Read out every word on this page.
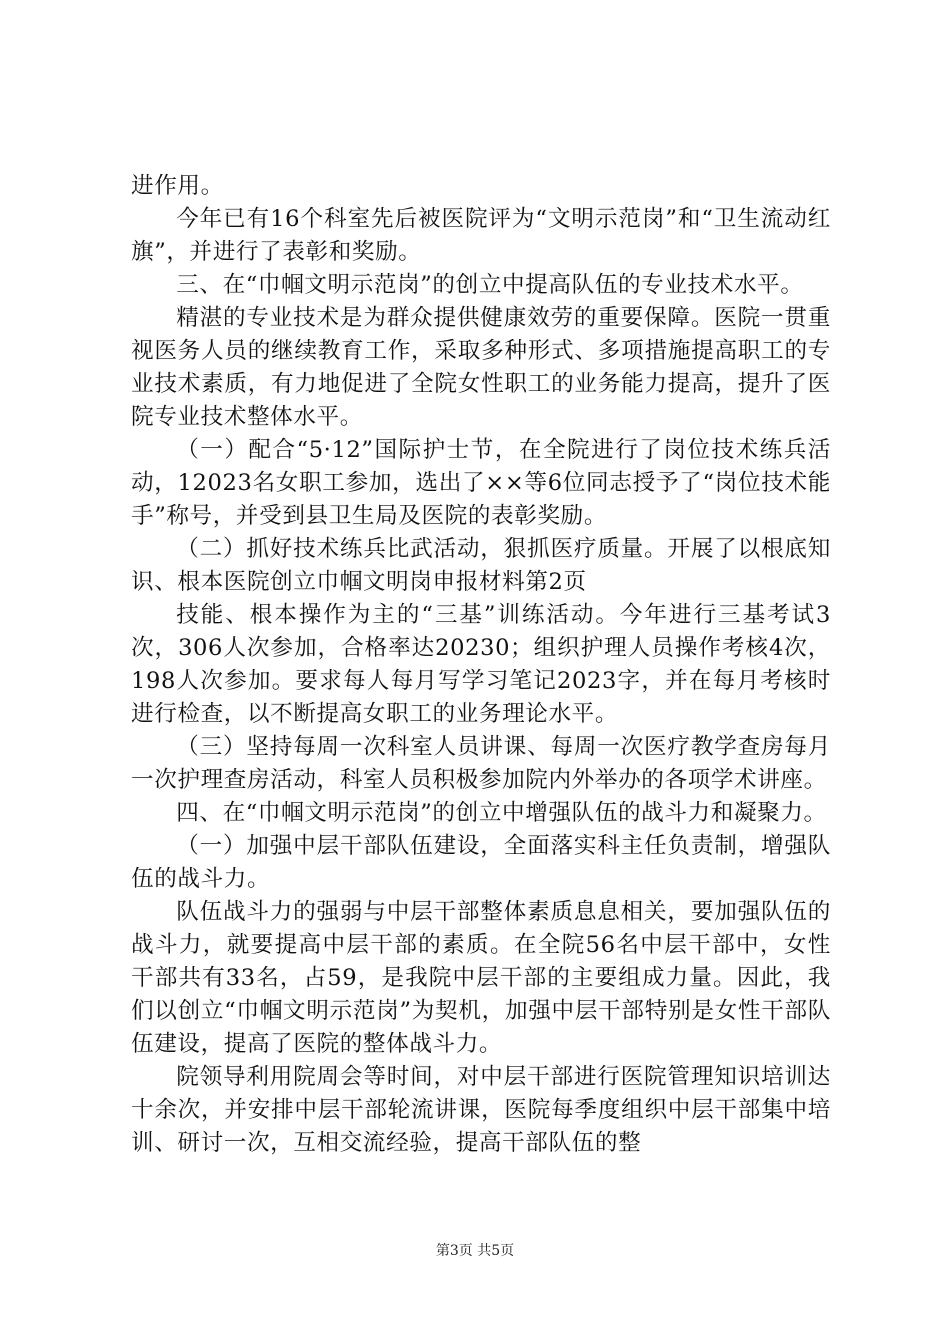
进作用。

今年已有16个科室先后被医院评为“文明示范岗”和“卫生流动红旗”，并进行了表彰和奖励。

三、在“巾帼文明示范岗”的创立中提高队伍的专业技术水平。

精湛的专业技术是为群众提供健康效劳的重要保障。医院一贯重视医务人员的继续教育工作，采取多种形式、多项措施提高职工的专业技术素质，有力地促进了全院女性职工的业务能力提高，提升了医院专业技术整体水平。

（一）配合“5·12”国际护士节，在全院进行了岗位技术练兵活动，12023名女职工参加，选出了××等6位同志授予了“岗位技术能手”称号，并受到县卫生局及医院的表彰奖励。

（二）抓好技术练兵比武活动，狠抓医疗质量。开展了以根底知识、根本医院创立巾帼文明岗申报材料第2页

技能、根本操作为主的“三基”训练活动。今年进行三基考试3次，306人次参加，合格率达20230；组织护理人员操作考核4次，198人次参加。要求每人每月写学习笔记2023字，并在每月考核时进行检查，以不断提高女职工的业务理论水平。

（三）坚持每周一次科室人员讲课、每周一次医疗教学查房每月一次护理查房活动，科室人员积极参加院内外举办的各项学术讲座。

四、在“巾帼文明示范岗”的创立中增强队伍的战斗力和凝聚力。

（一）加强中层干部队伍建设，全面落实科主任负责制，增强队伍的战斗力。

队伍战斗力的强弱与中层干部整体素质息息相关，要加强队伍的战斗力，就要提高中层干部的素质。在全院56名中层干部中，女性干部共有33名，占59，是我院中层干部的主要组成力量。因此，我们以创立“巾帼文明示范岗”为契机，加强中层干部特别是女性干部队伍建设，提高了医院的整体战斗力。

院领导利用院周会等时间，对中层干部进行医院管理知识培训达十余次，并安排中层干部轮流讲课，医院每季度组织中层干部集中培训、研讨一次，互相交流经验，提高干部队伍的整

第3页 共5页
